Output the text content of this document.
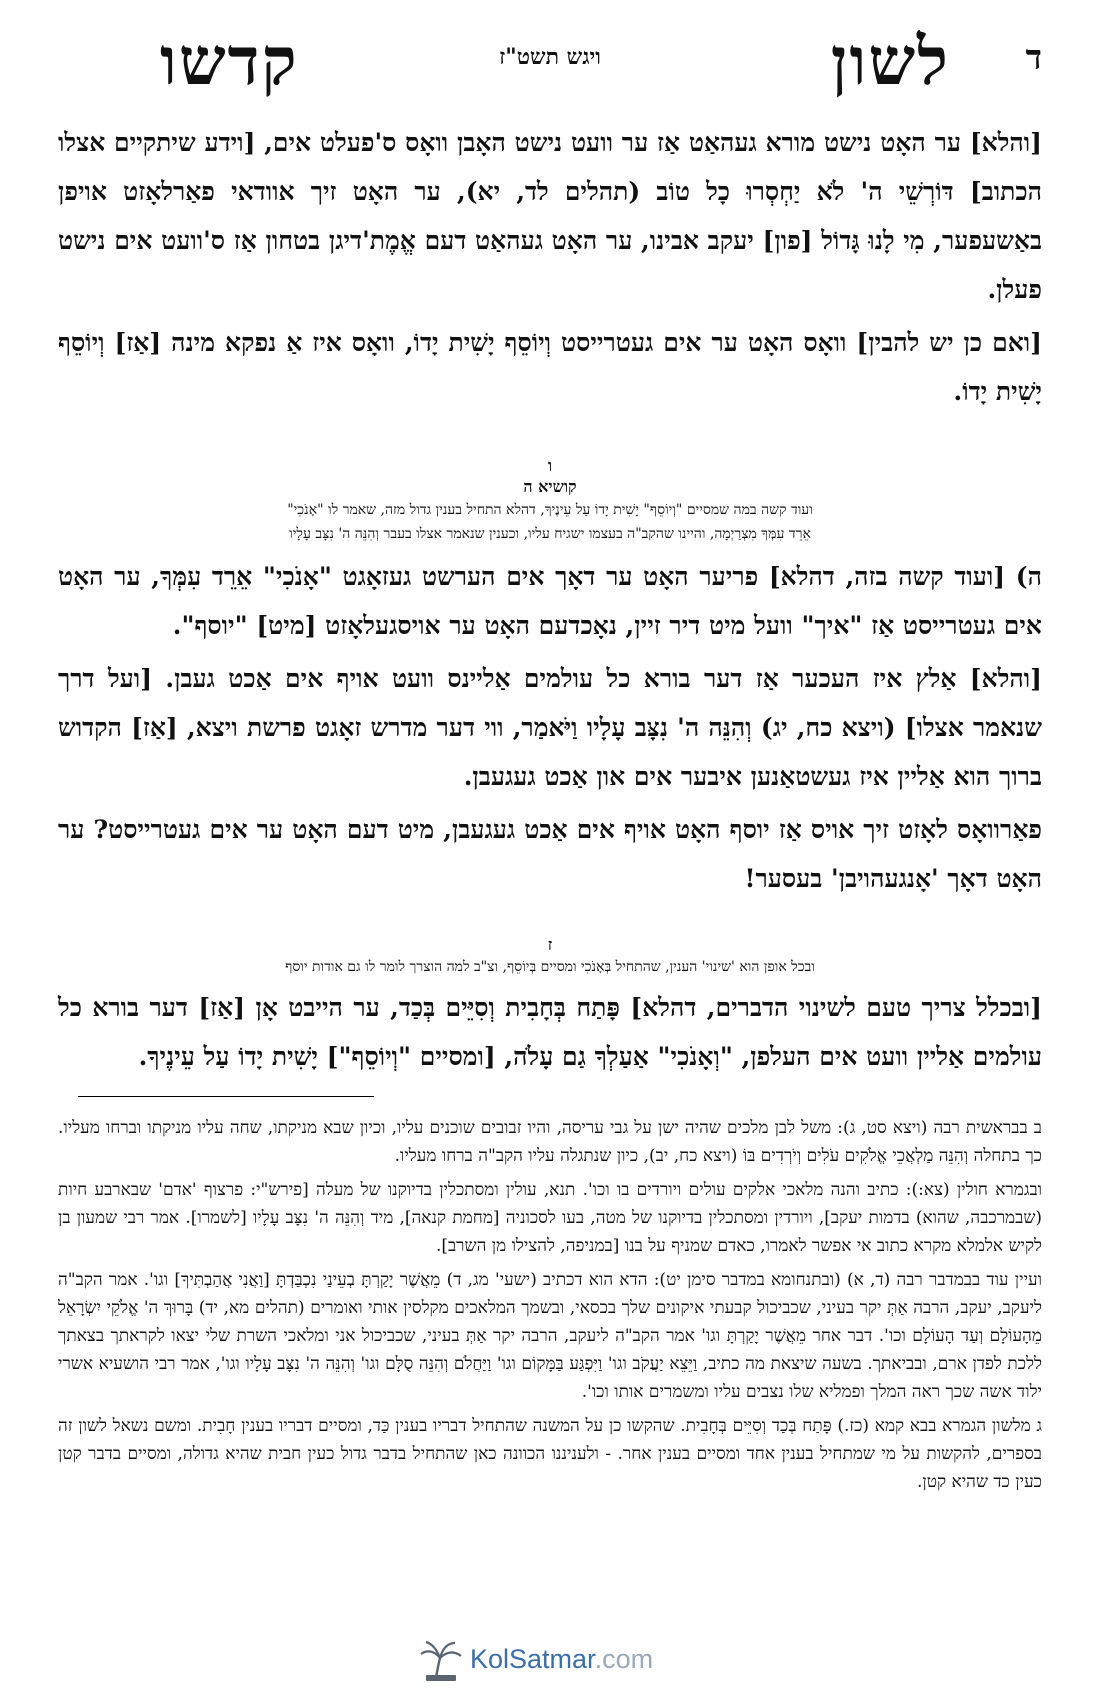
ד
לשון
ויגש תשט"ז
קדשו

[והלא] ער האָט נישט מורא געהאַט אַז ער וועט נישט האָבן וואָס ס'פעלט אים, [וידע שיתקיים אצלו הכתוב] דּוֹרְשֵׁי ה' לֹא יַחְסְרוּ כָל טוֹב (תהלים לד, יא), ער האָט זיך אוודאי פאַרלאָזט אויפן באַשעפער, מִי לָנוּ גָּדוֹל [פון] יעקב אבינו, ער האָט געהאַט דעם אֱמֶת'דיגן בטחון אַז ס'וועט אים נישט פעלן.

[ואם כן יש להבין] וואָס האָט ער אים געטרייסט וְיוֹסֵף יָשִׁית יָדוֹ, וואָס איז אַ נפקא מינה [אַז] וְיוֹסֵף יָשִׁית יָדוֹ.

ו
קושיא ה
ועוד קשה במה שמסיים "וְיוֹסֵף" יָשִׁית יָדוֹ עַל עֵינֶיךָ, דהלא התחיל בענין גדול מזה, שאמר לו "אָנֹכִי"
אֵרֵד עִמְּךָ מִצְרַיְמָה, והיינו שהקב"ה בעצמו ישגיח עליו, וכענין שנאמר אצלו בעבר וְהִנֵּה ה' נִצָּב עָלָיו

ה) [ועוד קשה בזה, דהלא] פריער האָט ער דאָך אים הערשט געזאָגט "אָנֹכִי" אֵרֵד עִמְּךָ, ער האָט אים געטרייסט אַז "איך" וועל מיט דיר זיין, נאָכדעם האָט ער אויסגעלאָזט [מיט] "יוסף".

[והלא] אַלץ איז העכער אַז דער בורא כל עולמים אַליינס וועט אויף אים אַכט געבן. [ועל דרך שנאמר אצלו] (ויצא כח, יג) וְהִנֵּה ה' נִצָּב עָלָיו וַיֹּאמַר, ווי דער מדרש זאָגט פרשת ויצא, [אַז] הקדוש ברוך הוא אַליין איז געשטאַנען איבער אים און אַכט געגעבן.

פאַרוואָס לאָזט זיך אויס אַז יוסף האָט אויף אים אַכט געגעבן, מיט דעם האָט ער אים געטרייסט? ער האָט דאָך 'אָנגעהויבן' בעסער!

ז
ובכל אופן הוא 'שינוי' הענין, שהתחיל בְּאָנֹכִי ומסיים בְּיוֹסֵף, וצ"ב למה הוצרך לומר לו גם אודות יוסף

[ובכלל צריך טעם לשינוי הדברים, דהלא] פָּתַח בְּחָבִית וְסִיֵּים בְּכַד, ער הייבט אָן [אַז] דער בורא כל עולמים אַליין וועט אים העלפן, "וְאָנֹכִי" אַעַלְךָ גַם עָלֹה, [ומסיים "וְיוֹסֵף"] יָשִׁית יָדוֹ עַל עֵינֶיךָ.

ב בבראשית רבה (ויצא סט, ג): משל לבן מלכים שהיה ישן על גבי עריסה, והיו זבובים שוכנים עליו, וכיון שבא מניקתו, שחה עליו מניקתו וברחו מעליו. כך בתחלה וְהִנֵּה מַלְאֲכֵי אֱלֹקִים עֹלִים וְיֹרְדִים בּוֹ (ויצא כח, יב), כיון שנתגלה עליו הקב"ה ברחו מעליו.

ובגמרא חולין (צא:): כתיב והנה מלאכי אלקים עולים ויורדים בו וכו'. תנא, עולין ומסתכלין בדיוקנו של מעלה [פירש"י: פרצוף 'אדם' שבארבע חיות (שבמרכבה, שהוא) בדמות יעקב], ויורדין ומסתכלין בדיוקנו של מטה, בעו לסכוניה [מחמת קנאה], מיד וְהִנֵּה ה' נִצָּב עָלָיו [לשמרו]. אמר רבי שמעון בן לקיש אלמלא מקרא כתוב אי אפשר לאמרו, כאדם שמניף על בנו [במניפה, להצילו מן השרב].

ועיין עוד בבמדבר רבה (ד, א) (ובתנחומא במדבר סימן יט): הדא הוא דכתיב (ישעי' מג, ד) מֵאֲשֶׁר יָקַרְתָּ בְעֵינַי נִכְבַּדְתָּ [וַאֲנִי אֲהַבְתִּיךָ] וגו'. אמר הקב"ה ליעקב, יעקב, הרבה אַתְּ יקר בעיני, שכביכול קבעתי איקונים שלך בכסאי, ובשמך המלאכים מקלסין אותי ואומרים (תהלים מא, יד) בָּרוּךְ ה' אֱלֹקֵי יִשְׂרָאֵל מֵהָעוֹלָם וְעַד הָעוֹלָם וכו'. דבר אחר מֵאֲשֶׁר יָקַרְתָּ וגו' אמר הקב"ה ליעקב, הרבה יקר אַתְּ בעיני, שכביכול אני ומלאכי השרת שלי יצאו לקראתך בצאתך ללכת לפדן ארם, ובביאתך. בשעה שיצאת מה כתיב, וַיֵּצֵא יַעֲקֹב וגו' וַיִּפְגַּע בַּמָּקוֹם וגו' וַיַּחֲלֹם וְהִנֵּה סֻלָּם וגו' וְהִנֵּה ה' נִצָּב עָלָיו וגו', אמר רבי הושעיא אשרי ילוד אשה שכך ראה המלך ופמליא שלו נצבים עליו ומשמרים אותו וכו'.

ג מלשון הגמרא בבא קמא (כז.) פָּתַח בְּכַד וְסִיֵּים בְּחָבִית. שהקשו כן על המשנה שהתחיל דבריו בענין כַּד, ומסיים דבריו בענין חָבִית. ומשם נשאל לשון זה בספרים, להקשות על מי שמתחיל בענין אחד ומסיים בענין אחר. - ולעניננו הכוונה כאן שהתחיל בדבר גדול כעין חבית שהיא גדולה, ומסיים בדבר קטן כעין כד שהיא קטן.

KolSatmar.com
